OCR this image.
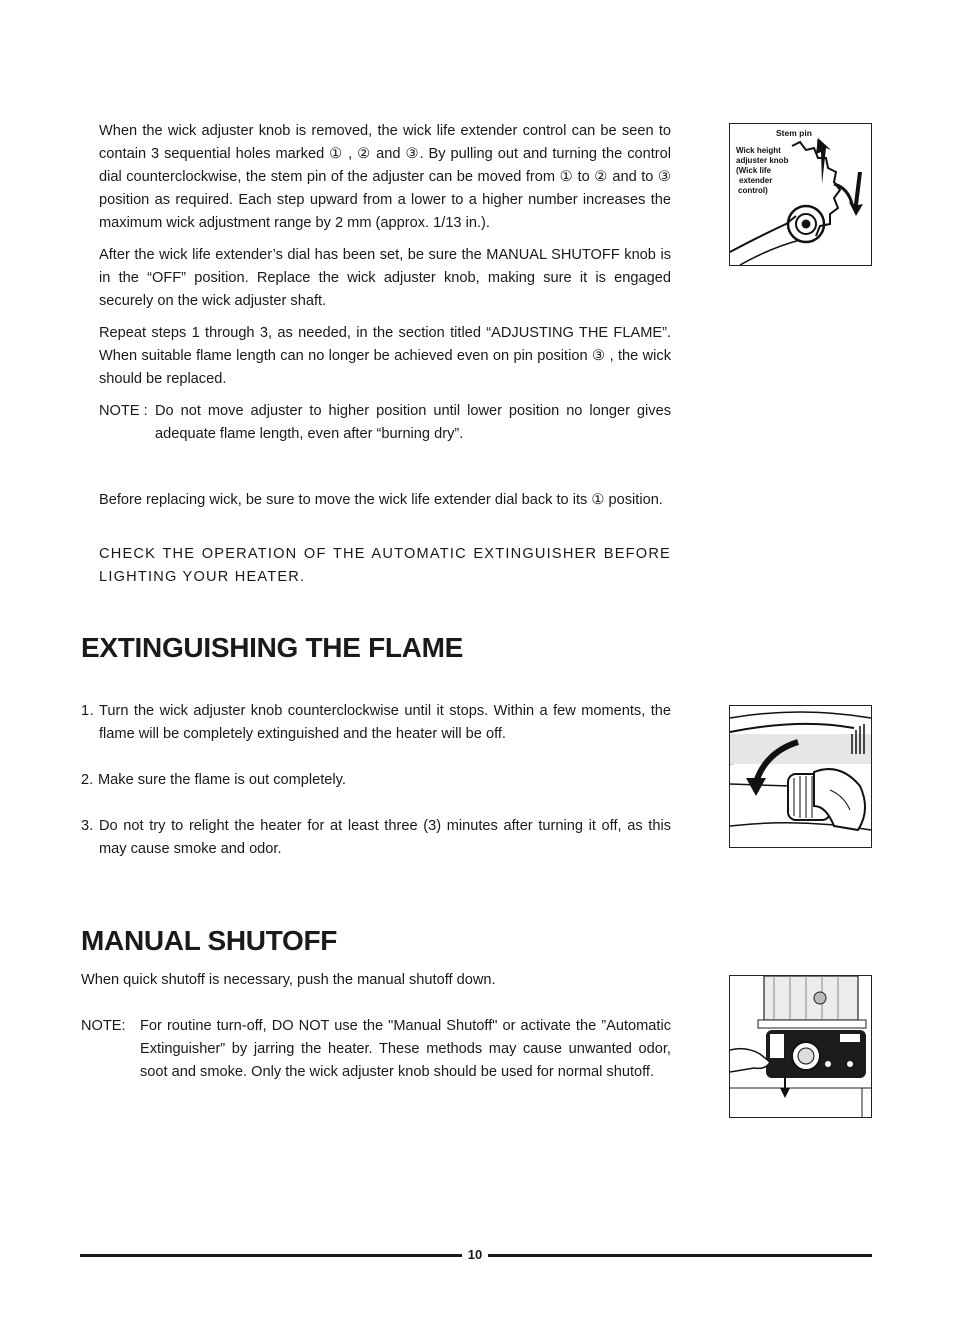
When the wick adjuster knob is removed, the wick life extender control can be seen to contain 3 sequential holes marked ① , ② and ③. By pulling out and turning the control dial counterclockwise, the stem pin of the adjuster can be moved from ① to ② and to ③ position as required. Each step upward from a lower to a higher number increases the maximum wick adjustment range by 2 mm (approx. 1/13 in.).

After the wick life extender’s dial has been set, be sure the MANUAL SHUTOFF knob is in the “OFF” position. Replace the wick adjuster knob, making sure it is engaged securely on the wick adjuster shaft.

Repeat steps 1 through 3, as needed, in the section titled “ADJUSTING THE FLAME”. When suitable flame length can no longer be achieved even on pin position ③ , the wick should be replaced.

NOTE : Do not move adjuster to higher position until lower position no longer gives adequate flame length, even after “burning dry”.

Before replacing wick, be sure to move the wick life extender dial back to its ① position.

CHECK THE OPERATION OF THE AUTOMATIC EXTINGUISHER BEFORE LIGHTING YOUR HEATER.

Stem pin
Wick height
adjuster knob
(Wick life
extender
control)
EXTINGUISHING THE FLAME
1. Turn the wick adjuster knob counterclockwise until it stops. Within a few moments, the flame will be completely extinguished and the heater will be off.
2. Make sure the flame is out completely.
3. Do not try to relight the heater for at least three (3) minutes after turning it off, as this may cause smoke and odor.
MANUAL SHUTOFF

When quick shutoff is necessary, push the manual shutoff down.

NOTE: For routine turn-off, DO NOT use the "Manual Shutoff" or activate the ”Automatic Extinguisher” by jarring the heater. These methods may cause unwanted odor, soot and smoke. Only the wick adjuster knob should be used for normal shutoff.
10
